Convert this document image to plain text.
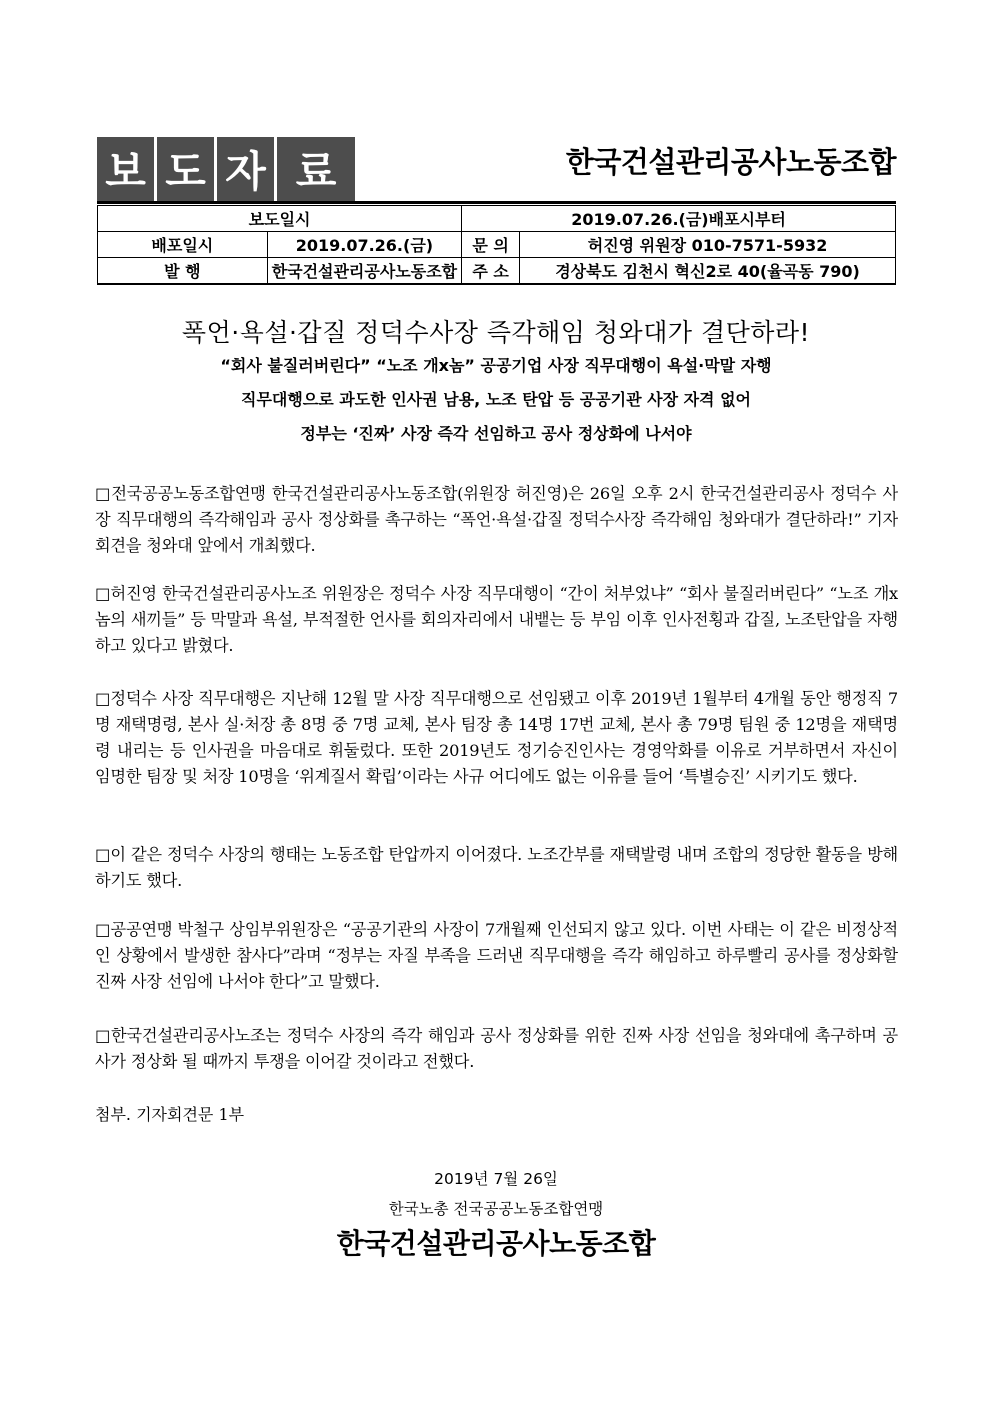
보 도 자 료	한국건설관리공사노동조합
보도일시		2019.07.26.(금)배포시부터	
배포일시	2019.07.26.(금)	문 의	허진영 위원장 010-7571-5932
발 행	한국건설관리공사노동조합	주 소	경상북도 김천시 혁신2로 40(율곡동 790)
폭언·욕설·갑질 정덕수사장 즉각해임 청와대가 결단하라!
“회사 불질러버린다” “노조 개x놈” 공공기업 사장 직무대행이 욕설·막말 자행
직무대행으로 과도한 인사권 남용, 노조 탄압 등 공공기관 사장 자격 없어
정부는 ‘진짜’ 사장 즉각 선임하고 공사 정상화에 나서야
□전국공공노동조합연맹 한국건설관리공사노동조합(위원장 허진영)은 26일 오후 2시 한국건설관리공사 정덕수 사장 직무대행의 즉각해임과 공사 정상화를 촉구하는 “폭언·욕설·갑질 정덕수사장 즉각해임 청와대가 결단하라!” 기자회견을 청와대 앞에서 개최했다.
□허진영 한국건설관리공사노조 위원장은 정덕수 사장 직무대행이 “간이 처부었냐” “회사 불질러버린다” “노조 개x놈의 새끼들” 등 막말과 욕설, 부적절한 언사를 회의자리에서 내뱉는 등 부임 이후 인사전횡과 갑질, 노조탄압을 자행하고 있다고 밝혔다.
□정덕수 사장 직무대행은 지난해 12월 말 사장 직무대행으로 선임됐고 이후 2019년 1월부터 4개월 동안 행정직 7명 재택명령, 본사 실·처장 총 8명 중 7명 교체, 본사 팀장 총 14명 17번 교체, 본사 총 79명 팀원 중 12명을 재택명령 내리는 등 인사권을 마음대로 휘둘렀다. 또한 2019년도 정기승진인사는 경영악화를 이유로 거부하면서 자신이 임명한 팀장 및 처장 10명을 ‘위계질서 확립’이라는 사규 어디에도 없는 이유를 들어 ‘특별승진’ 시키기도 했다.
□이 같은 정덕수 사장의 행태는 노동조합 탄압까지 이어졌다. 노조간부를 재택발령 내며 조합의 정당한 활동을 방해하기도 했다.
□공공연맹 박철구 상임부위원장은 “공공기관의 사장이 7개월째 인선되지 않고 있다. 이번 사태는 이 같은 비정상적인 상황에서 발생한 참사다”라며 “정부는 자질 부족을 드러낸 직무대행을 즉각 해임하고 하루빨리 공사를 정상화할 진짜 사장 선임에 나서야 한다”고 말했다.
□한국건설관리공사노조는 정덕수 사장의 즉각 해임과 공사 정상화를 위한 진짜 사장 선임을 청와대에 촉구하며 공사가 정상화 될 때까지 투쟁을 이어갈 것이라고 전했다.
첨부. 기자회견문 1부
2019년 7월 26일
한국노총 전국공공노동조합연맹
한국건설관리공사노동조합
